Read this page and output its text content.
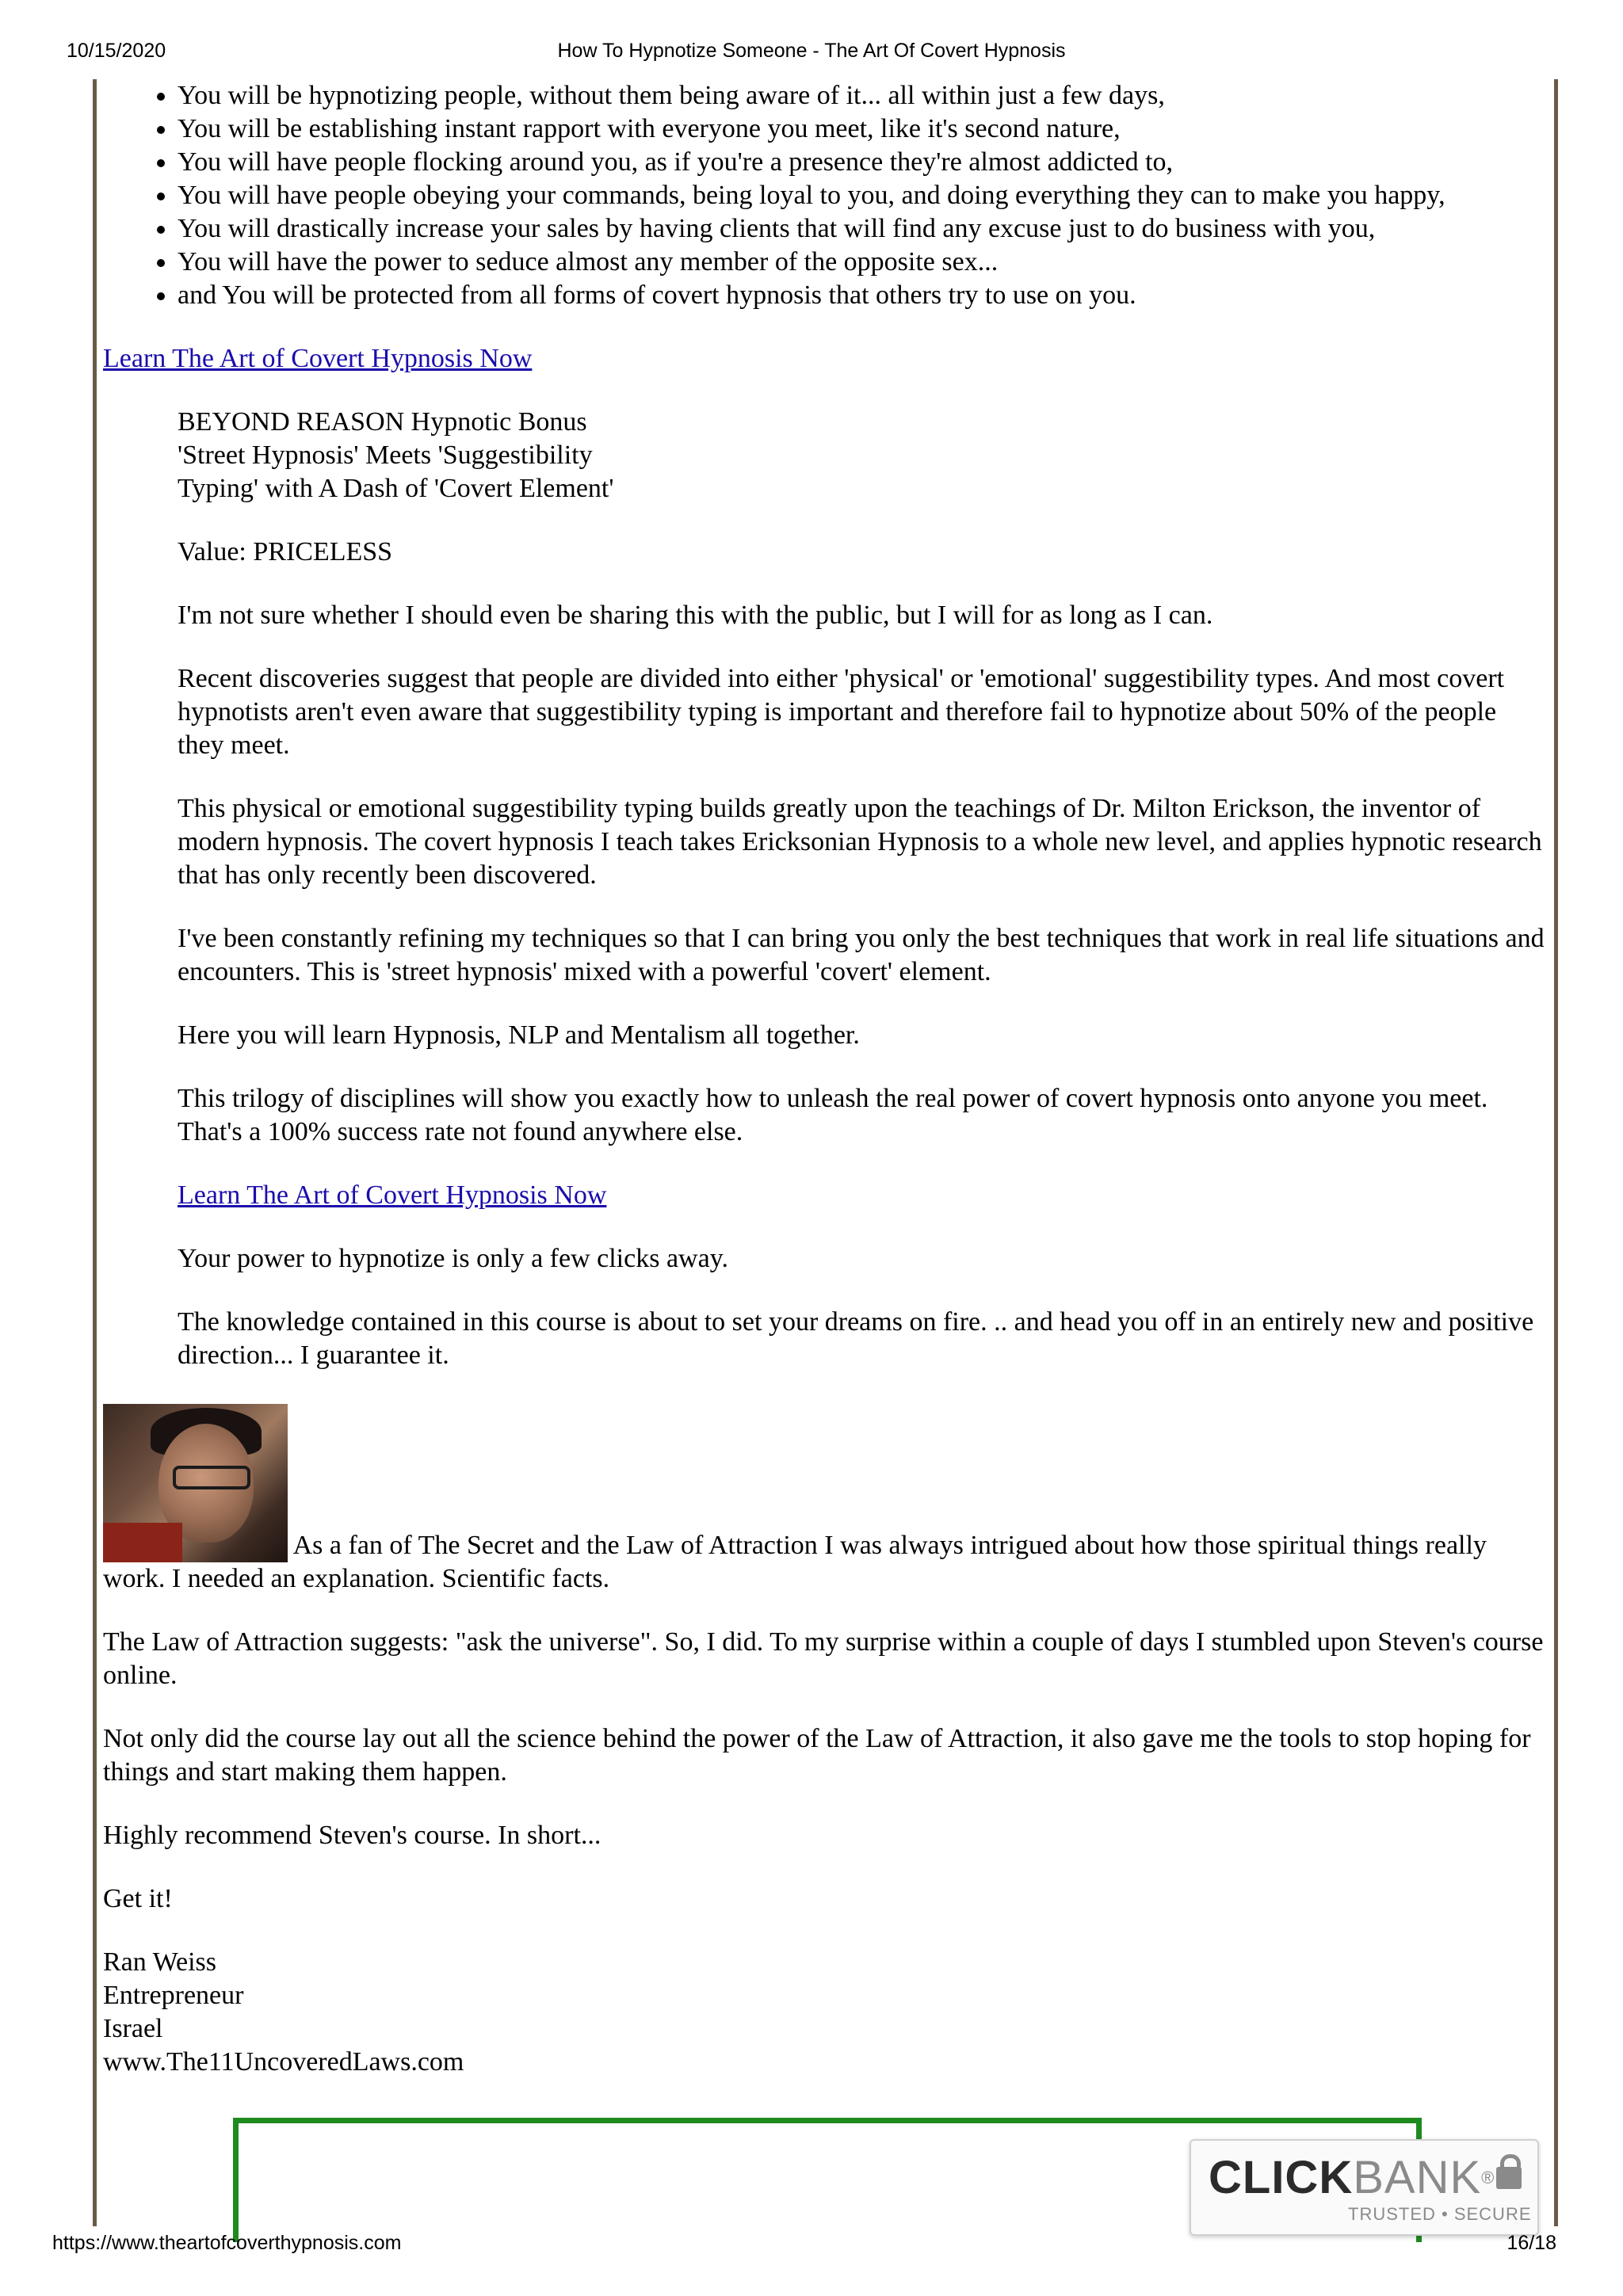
10/15/2020	How To Hypnotize Someone - The Art Of Covert Hypnosis
• You will be hypnotizing people, without them being aware of it... all within just a few days,
• You will be establishing instant rapport with everyone you meet, like it's second nature,
• You will have people flocking around you, as if you're a presence they're almost addicted to,
• You will have people obeying your commands, being loyal to you, and doing everything they can to make you happy,
• You will drastically increase your sales by having clients that will find any excuse just to do business with you,
• You will have the power to seduce almost any member of the opposite sex...
• and You will be protected from all forms of covert hypnosis that others try to use on you.

Learn The Art of Covert Hypnosis Now

BEYOND REASON Hypnotic Bonus

'Street Hypnosis' Meets 'Suggestibility

Typing' with A Dash of 'Covert Element'

Value: PRICELESS

I'm not sure whether I should even be sharing this with the public, but I will for as long as I can.

Recent discoveries suggest that people are divided into either 'physical' or 'emotional' suggestibility types. And most covert hypnotists aren't even aware that suggestibility typing is important and therefore fail to hypnotize about 50% of the people they meet.

This physical or emotional suggestibility typing builds greatly upon the teachings of Dr. Milton Erickson, the inventor of modern hypnosis. The covert hypnosis I teach takes Ericksonian Hypnosis to a whole new level, and applies hypnotic research that has only recently been discovered.

I've been constantly refining my techniques so that I can bring you only the best techniques that work in real life situations and encounters. This is 'street hypnosis' mixed with a powerful 'covert' element.

Here you will learn Hypnosis, NLP and Mentalism all together.

This trilogy of disciplines will show you exactly how to unleash the real power of covert hypnosis onto anyone you meet. That's a 100% success rate not found anywhere else.

Learn The Art of Covert Hypnosis Now

Your power to hypnotize is only a few clicks away.

The knowledge contained in this course is about to set your dreams on fire. .. and head you off in an entirely new and positive direction... I guarantee it.

As a fan of The Secret and the Law of Attraction I was always intrigued about how those spiritual things really work. I needed an explanation. Scientific facts.

The Law of Attraction suggests: "ask the universe". So, I did. To my surprise within a couple of days I stumbled upon Steven's course online.

Not only did the course lay out all the science behind the power of the Law of Attraction, it also gave me the tools to stop hoping for things and start making them happen.

Highly recommend Steven's course. In short...

Get it!

Ran Weiss

Entrepreneur

Israel

www.The11UncoveredLaws.com

CLICKBANK®
TRUSTED • SECURE
https://www.theartofcoverthypnosis.com	16/18
